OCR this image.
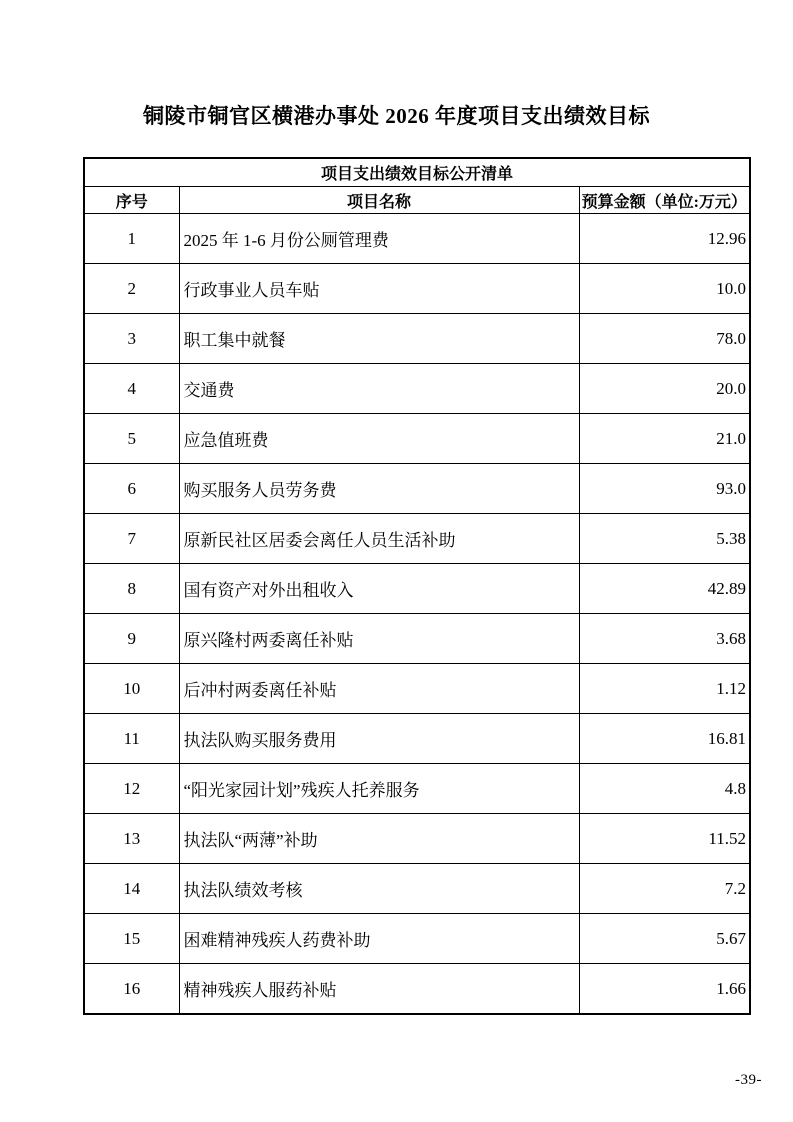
铜陵市铜官区横港办事处 2026 年度项目支出绩效目标
项目支出绩效目标公开清单		
序号	项目名称	预算金额（单位:万元）
1	2025 年 1-6 月份公厕管理费	12.96
2	行政事业人员车贴	10.0
3	职工集中就餐	78.0
4	交通费	20.0
5	应急值班费	21.0
6	购买服务人员劳务费	93.0
7	原新民社区居委会离任人员生活补助	5.38
8	国有资产对外出租收入	42.89
9	原兴隆村两委离任补贴	3.68
10	后冲村两委离任补贴	1.12
11	执法队购买服务费用	16.81
12	“阳光家园计划”残疾人托养服务	4.8
13	执法队“两薄”补助	11.52
14	执法队绩效考核	7.2
15	困难精神残疾人药费补助	5.67
16	精神残疾人服药补贴	1.66
-39-
